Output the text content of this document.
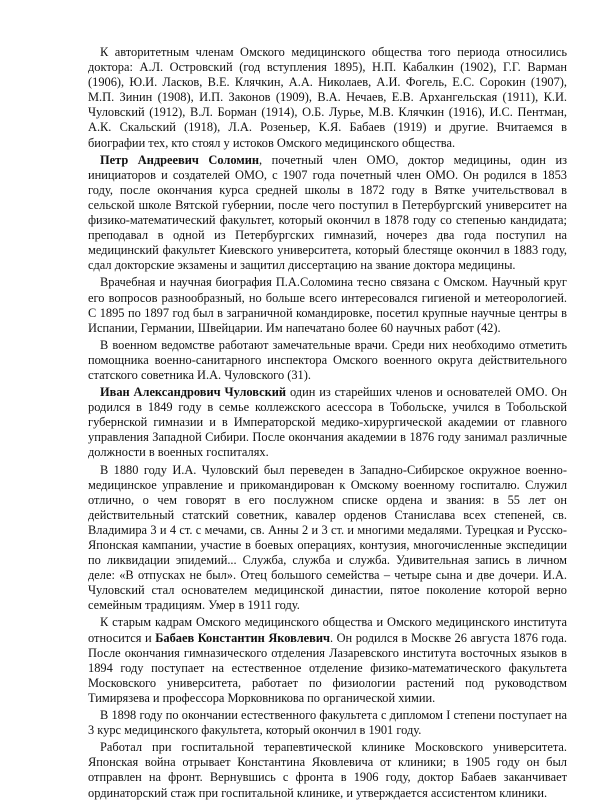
К авторитетным членам Омского медицинского общества того периода относились доктора: А.Л. Островский (год вступления 1895), Н.П. Кабалкин (1902), Г.Г. Варман (1906), Ю.И. Ласков, В.Е. Клячкин, А.А. Николаев, А.И. Фогель, Е.С. Сорокин (1907), М.П. Зинин (1908), И.П. Законов (1909), В.А. Нечаев, Е.В. Архангельская (1911), К.И. Чуловский (1912), В.Л. Борман (1914), О.Б. Лурье, М.В. Клячкин (1916), И.С. Пентман, А.К. Скальский (1918), Л.А. Розеньер, К.Я. Бабаев (1919) и другие. Вчитаемся в биографии тех, кто стоял у истоков Омского медицинского общества.

Петр Андреевич Соломин, почетный член ОМО, доктор медицины, один из инициаторов и создателей ОМО, с 1907 года почетный член ОМО. Он родился в 1853 году, после окончания курса средней школы в 1872 году в Вятке учительствовал в сельской школе Вятской губернии, после чего поступил в Петербургский университет на физико-математический факультет, который окончил в 1878 году со степенью кандидата; преподавал в одной из Петербургских гимназий, ночерез два года поступил на медицинский факультет Киевского университета, который блестяще окончил в 1883 году, сдал докторские экзамены и защитил диссертацию на звание доктора медицины.

Врачебная и научная биография П.А.Соломина тесно связана с Омском. Научный круг его вопросов разнообразный, но больше всего интересовался гигиеной и метеорологией. С 1895 по 1897 год был в заграничной командировке, посетил крупные научные центры в Испании, Германии, Швейцарии. Им напечатано более 60 научных работ (42).

В военном ведомстве работают замечательные врачи. Среди них необходимо отметить помощника военно-санитарного инспектора Омского военного округа действительного статского советника И.А. Чуловского (31).

Иван Александрович Чуловский один из старейших членов и основателей ОМО. Он родился в 1849 году в семье коллежского асессора в Тобольске, учился в Тобольской губернской гимназии и в Императорской медико-хирургической академии от главного управления Западной Сибири. После окончания академии в 1876 году занимал различные должности в военных госпиталях.

В 1880 году И.А. Чуловский был переведен в Западно-Сибирское окружное военно-медицинское управление и прикомандирован к Омскому военному госпиталю. Служил отлично, о чем говорят в его послужном списке ордена и звания: в 55 лет он действительный статский советник, кавалер орденов Станислава всех степеней, св. Владимира 3 и 4 ст. с мечами, св. Анны 2 и 3 ст. и многими медалями. Турецкая и Русско-Японская кампании, участие в боевых операциях, контузия, многочисленные экспедиции по ликвидации эпидемий... Служба, служба и служба. Удивительная запись в личном деле: «В отпусках не был». Отец большого семейства – четыре сына и две дочери. И.А. Чуловский стал основателем медицинской династии, пятое поколение которой верно семейным традициям. Умер в 1911 году.

К старым кадрам Омского медицинского общества и Омского медицинского института относится и Бабаев Константин Яковлевич. Он родился в Москве 26 августа 1876 года. После окончания гимназического отделения Лазаревского института восточных языков в 1894 году поступает на естественное отделение физико-математического факультета Московского университета, работает по физиологии растений под руководством Тимирязева и профессора Морковникова по органической химии.

В 1898 году по окончании естественного факультета с дипломом I степени поступает на 3 курс медицинского факультета, который окончил в 1901 году.

Работал при госпитальной терапевтической клинике Московского университета. Японская война отрывает Константина Яковлевича от клиники; в 1905 году он был отправлен на фронт. Вернувшись с фронта в 1906 году, доктор Бабаев заканчивает ординаторский стаж при госпитальной клинике, и утверждается ассистентом клиники.
